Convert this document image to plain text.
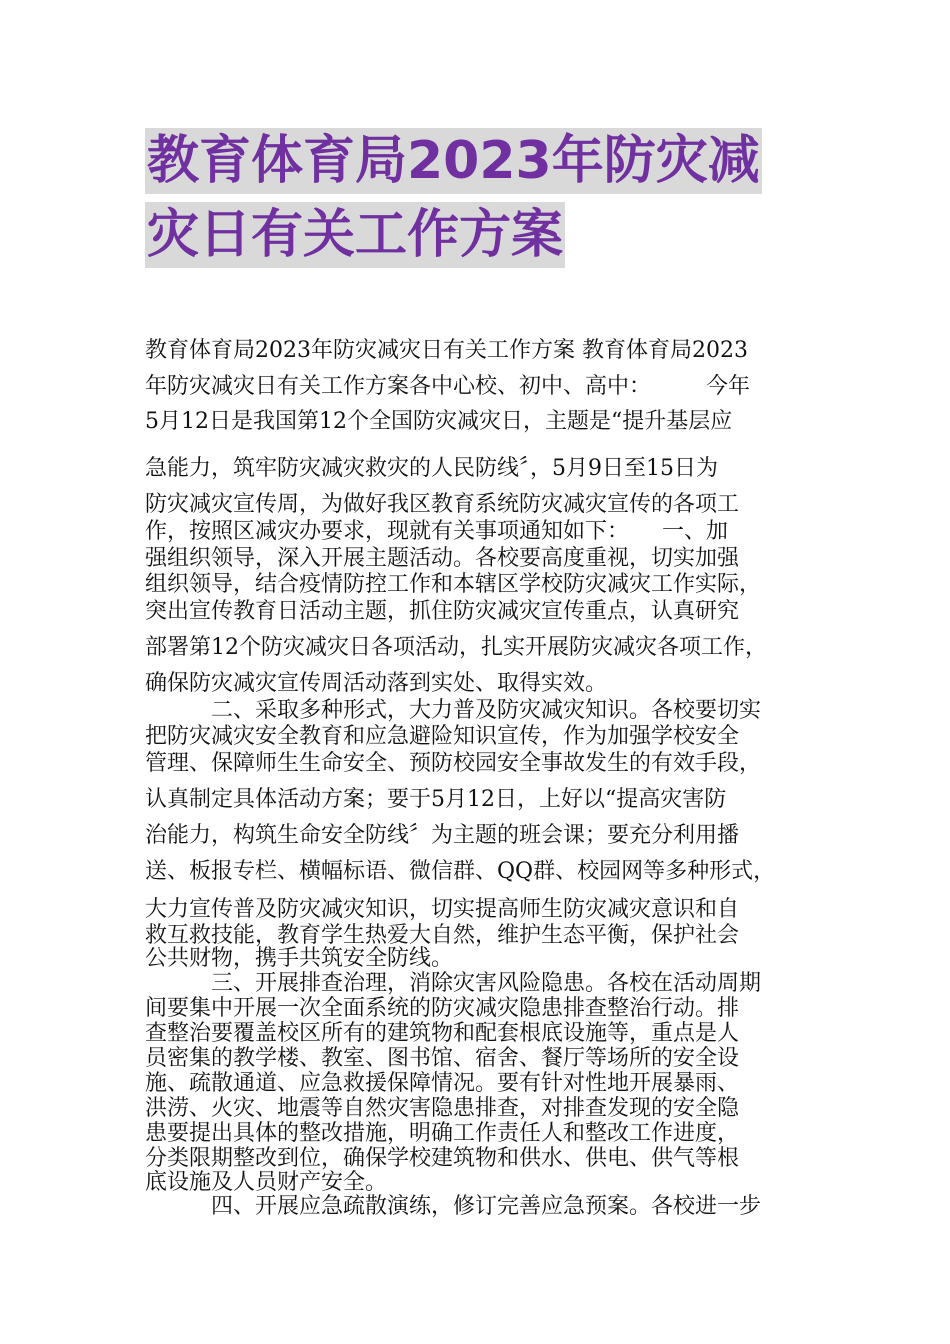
教育体育局2023年防灾减
灾日有关工作方案
教育体育局2023年防灾减灾日有关工作方案 教育体育局2023
年防灾减灾日有关工作方案各中心校、初中、高中：　　　今年
5月12日是我国第12个全国防灾减灾日，主题是“提升基层应
急能力，筑牢防灾减灾救灾的人民防线〞，5月9日至15日为
防灾减灾宣传周，为做好我区教育系统防灾减灾宣传的各项工
作，按照区减灾办要求，现就有关事项通知如下：　　一、加
强组织领导，深入开展主题活动。各校要高度重视，切实加强
组织领导，结合疫情防控工作和本辖区学校防灾减灾工作实际，
突出宣传教育日活动主题，抓住防灾减灾宣传重点，认真研究
部署第12个防灾减灾日各项活动，扎实开展防灾减灾各项工作，
确保防灾减灾宣传周活动落到实处、取得实效。
　　　二、采取多种形式，大力普及防灾减灾知识。各校要切实
把防灾减灾安全教育和应急避险知识宣传，作为加强学校安全
管理、保障师生生命安全、预防校园安全事故发生的有效手段，
认真制定具体活动方案；要于5月12日，上好以“提高灾害防
治能力，构筑生命安全防线〞为主题的班会课；要充分利用播
送、板报专栏、横幅标语、微信群、QQ群、校园网等多种形式，
大力宣传普及防灾减灾知识，切实提高师生防灾减灾意识和自
救互救技能，教育学生热爱大自然，维护生态平衡，保护社会
公共财物，携手共筑安全防线。
　　　三、开展排查治理，消除灾害风险隐患。各校在活动周期
间要集中开展一次全面系统的防灾减灾隐患排查整治行动。排
查整治要覆盖校区所有的建筑物和配套根底设施等，重点是人
员密集的教学楼、教室、图书馆、宿舍、餐厅等场所的安全设
施、疏散通道、应急救援保障情况。要有针对性地开展暴雨、
洪涝、火灾、地震等自然灾害隐患排查，对排查发现的安全隐
患要提出具体的整改措施，明确工作责任人和整改工作进度，
分类限期整改到位，确保学校建筑物和供水、供电、供气等根
底设施及人员财产安全。
　　　四、开展应急疏散演练，修订完善应急预案。各校进一步
